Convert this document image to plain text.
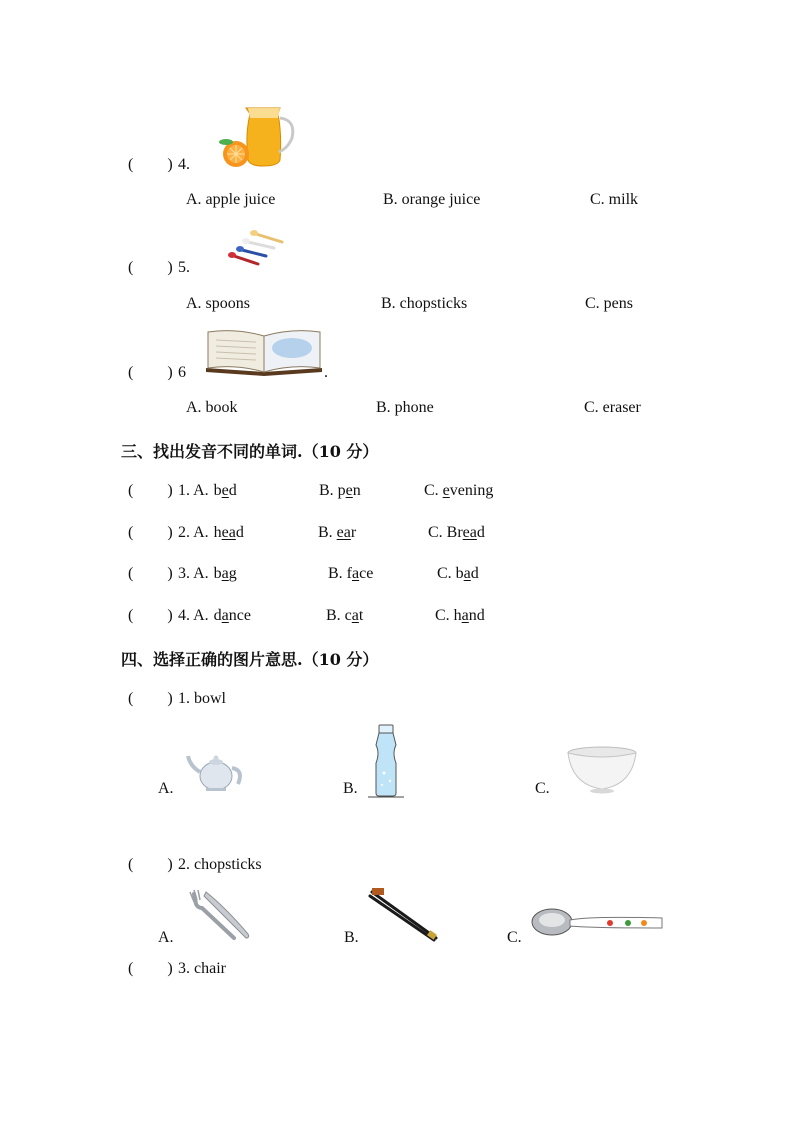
( ) 4.
A. apple juice	B. orange juice	C. milk
( ) 5.
A. spoons	B. chopsticks	C. pens
( ) 6	.
A. book	B. phone	C. eraser
三、找出发音不同的单词.（10 分）
( ) 1. A. bed	B. pen	C. evening
( ) 2. A. head	B. ear	C. Bread
( ) 3. A. bag	B. face	C. bad
( ) 4. A. dance	B. cat	C. hand
四、选择正确的图片意思.（10 分）
( ) 1. bowl
A.	B.	C.
( ) 2. chopsticks
A.	B.	C.
( ) 3. chair
